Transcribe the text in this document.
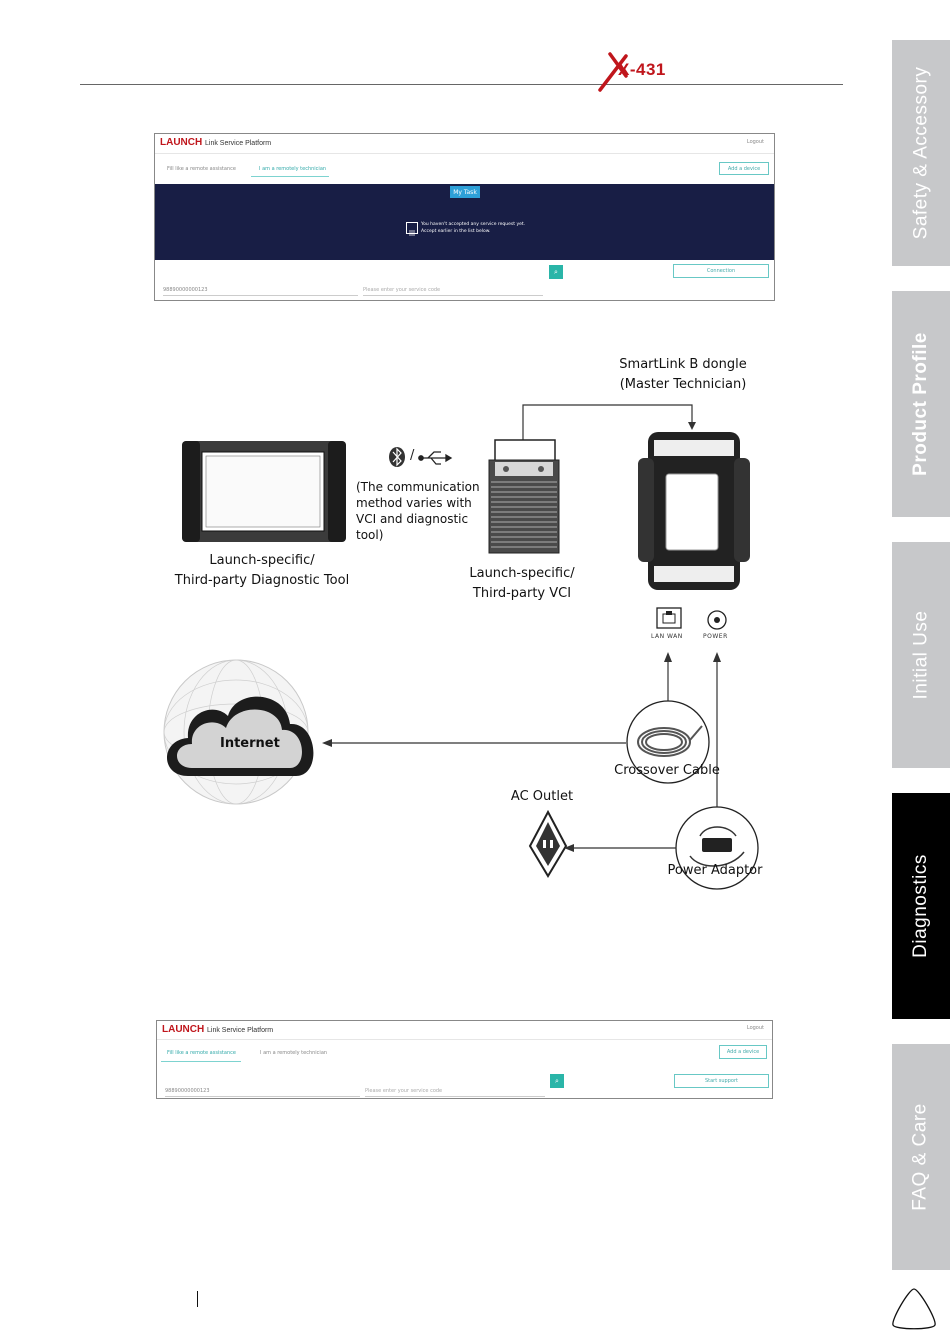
X-431	Safety & Accessory
Product Profile
Initial Use
Diagnostics
FAQ & Care
LAUNCH Link Service Platform	Logout
Fill like a remote assistance	I am a remotely technician	Add a device
My Task
You haven't accepted any service request yet.
Accept earlier in the list below.
98890000000123	Please enter your service code
⌕	Connection
SmartLink B dongle
(Master Technician)
/
(The communication
method varies with
VCI and diagnostic
tool)
Launch-specific/
Third-party Diagnostic Tool	Launch-specific/
Third-party VCI
LAN WAN	POWER
Internet
Crossover Cable
AC Outlet
Power Adaptor
LAUNCH Link Service Platform	Logout
Fill like a remote assistance	I am a remotely technician	Add a device
98890000000123	Please enter your service code
⌕	Start support
